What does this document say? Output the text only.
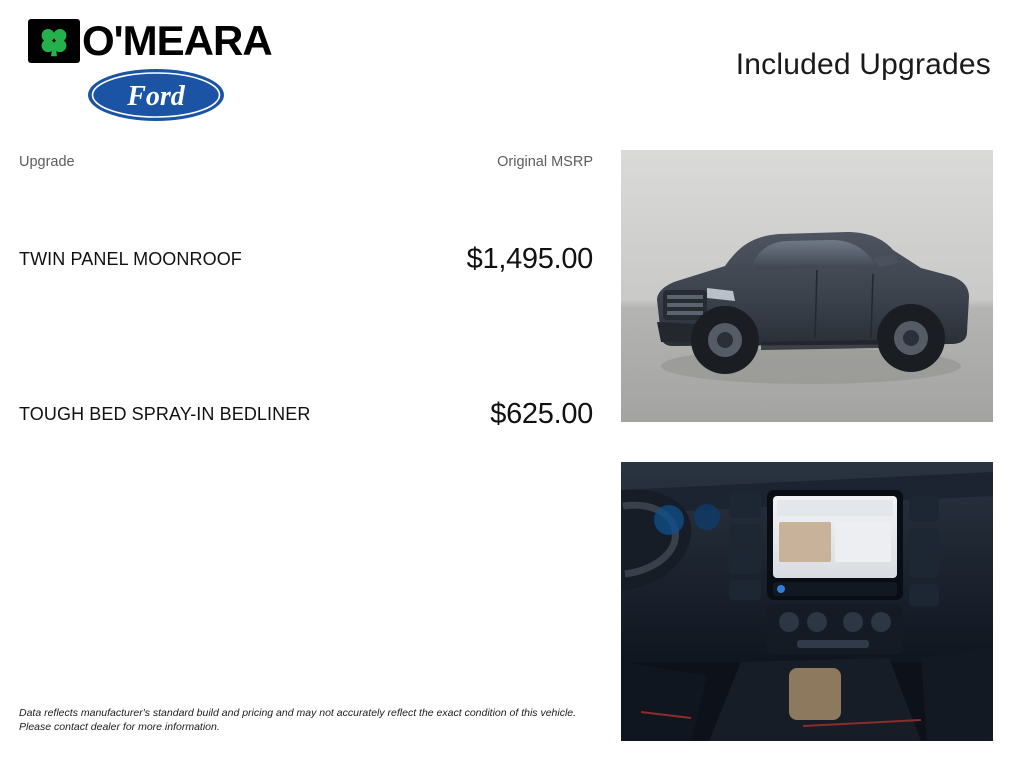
O'MEARA
Ford
Included Upgrades
Upgrade	Original MSRP
TWIN PANEL MOONROOF	$1,495.00
TOUGH BED SPRAY-IN BEDLINER	$625.00
Data reflects manufacturer's standard build and pricing and may not accurately reflect the exact condition of this vehicle. Please contact dealer for more information.
